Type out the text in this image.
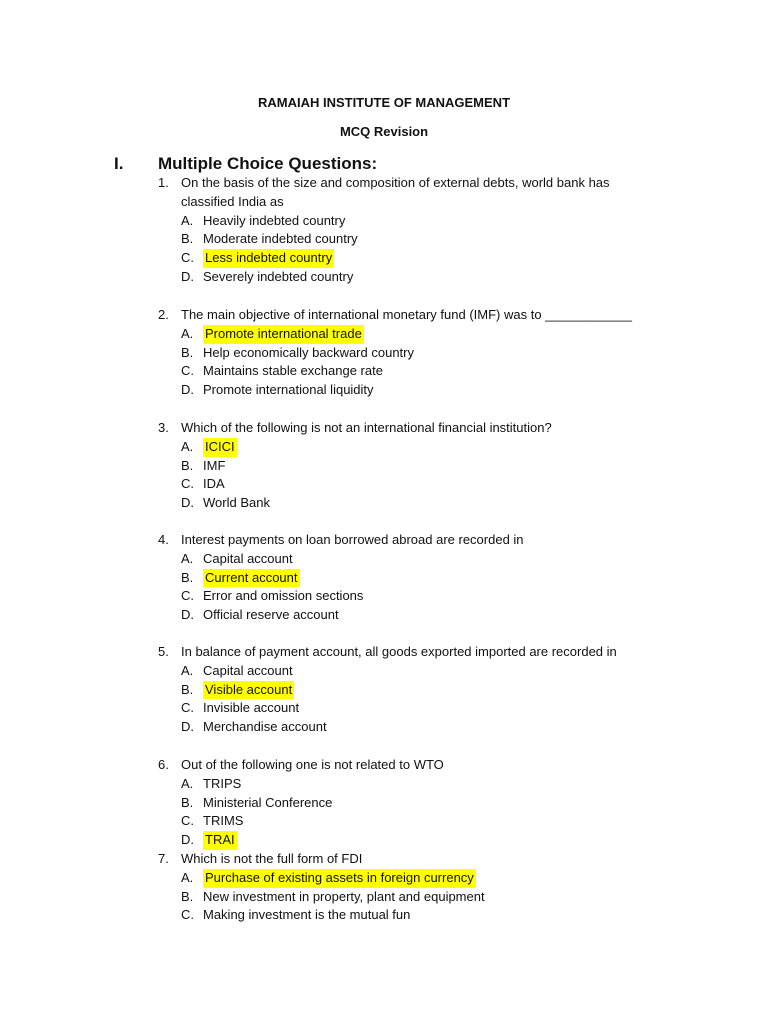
RAMAIAH INSTITUTE OF MANAGEMENT
MCQ Revision
I. Multiple Choice Questions:
1. On the basis of the size and composition of external debts, world bank has classified India as
A. Heavily indebted country
B. Moderate indebted country
C. Less indebted country
D. Severely indebted country
2. The main objective of international monetary fund (IMF) was to ____________
A. Promote international trade
B. Help economically backward country
C. Maintains stable exchange rate
D. Promote international liquidity
3. Which of the following is not an international financial institution?
A. ICICI
B. IMF
C. IDA
D. World Bank
4. Interest payments on loan borrowed abroad are recorded in
A. Capital account
B. Current account
C. Error and omission sections
D. Official reserve account
5. In balance of payment account, all goods exported imported are recorded in
A. Capital account
B. Visible account
C. Invisible account
D. Merchandise account
6. Out of the following one is not related to WTO
A. TRIPS
B. Ministerial Conference
C. TRIMS
D. TRAI
7. Which is not the full form of FDI
A. Purchase of existing assets in foreign currency
B. New investment in property, plant and equipment
C. Making investment is the mutual fun
